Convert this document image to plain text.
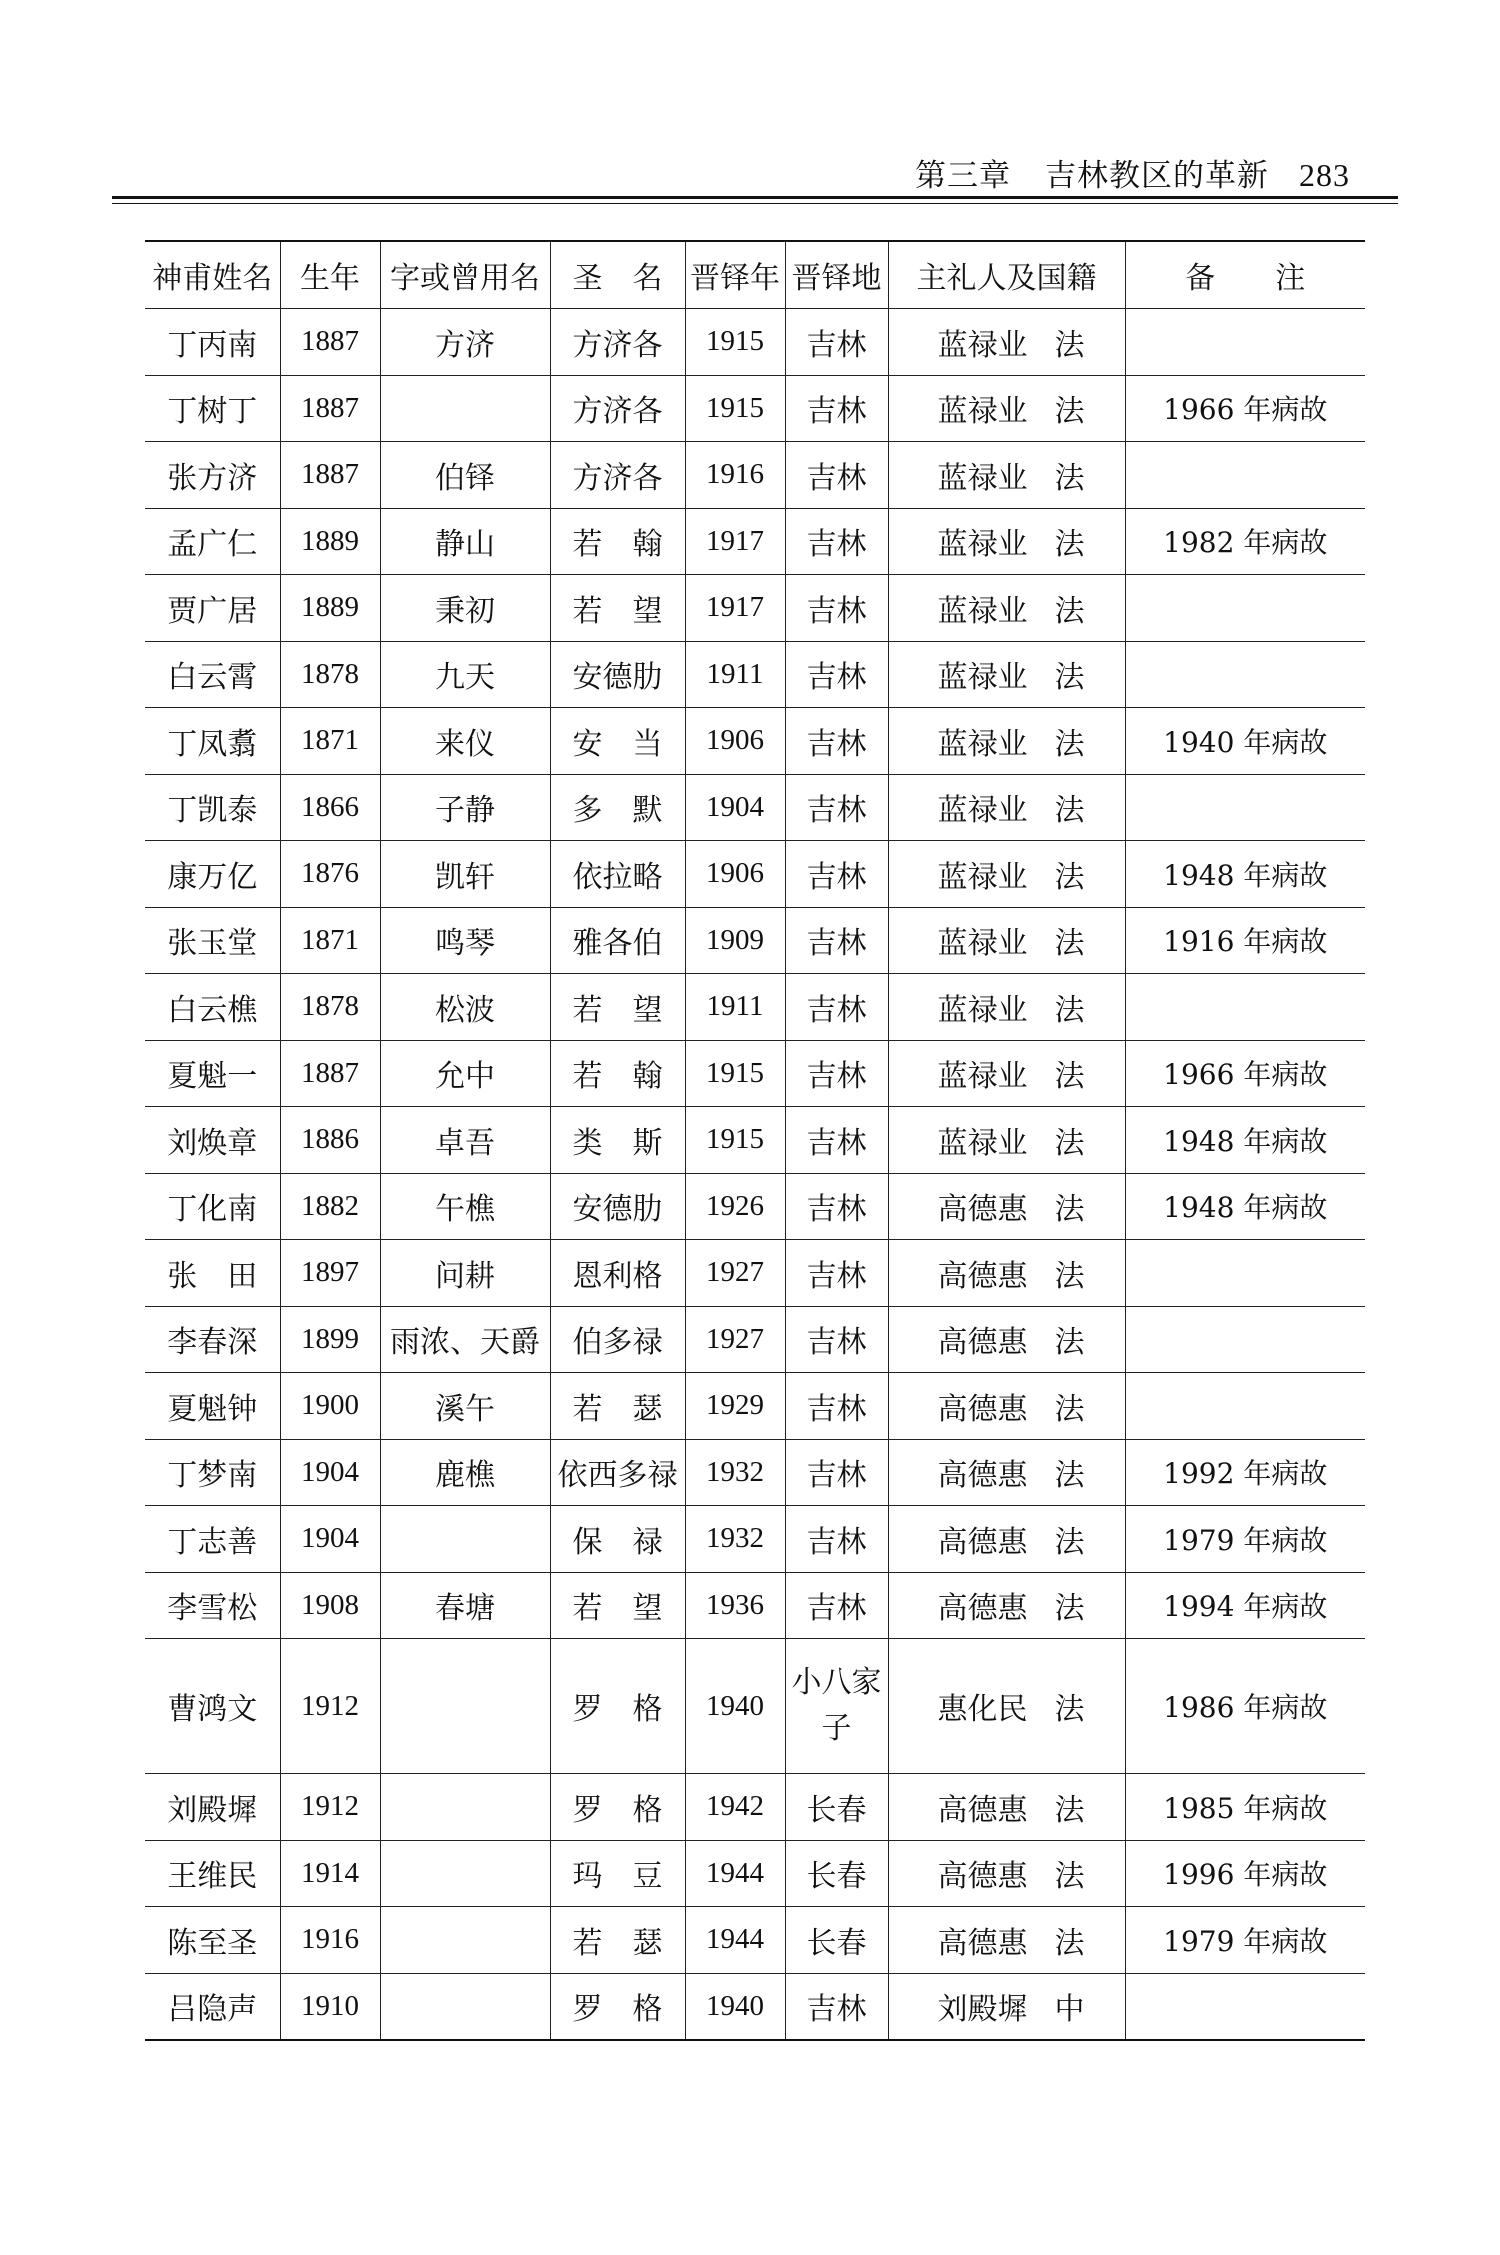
第三章 吉林教区的革新 283
神甫姓名	生年	字或曾用名	圣　名	晋铎年	晋铎地	主礼人及国籍	备　　注
丁丙南	1887	方济	方济各	1915	吉林	蓝禄业 法	
丁树丁	1887		方济各	1915	吉林	蓝禄业 法	1966 年病故
张方济	1887	伯铎	方济各	1916	吉林	蓝禄业 法	
孟广仁	1889	静山	若　翰	1917	吉林	蓝禄业 法	1982 年病故
贾广居	1889	秉初	若　望	1917	吉林	蓝禄业 法	
白云霄	1878	九天	安德肋	1911	吉林	蓝禄业 法	
丁凤翥	1871	来仪	安　当	1906	吉林	蓝禄业 法	1940 年病故
丁凯泰	1866	子静	多　默	1904	吉林	蓝禄业 法	
康万亿	1876	凯轩	依拉略	1906	吉林	蓝禄业 法	1948 年病故
张玉堂	1871	鸣琴	雅各伯	1909	吉林	蓝禄业 法	1916 年病故
白云樵	1878	松波	若　望	1911	吉林	蓝禄业 法	
夏魁一	1887	允中	若　翰	1915	吉林	蓝禄业 法	1966 年病故
刘焕章	1886	卓吾	类　斯	1915	吉林	蓝禄业 法	1948 年病故
丁化南	1882	午樵	安德肋	1926	吉林	高德惠 法	1948 年病故
张　田	1897	问耕	恩利格	1927	吉林	高德惠 法	
李春深	1899	雨浓、天爵	伯多禄	1927	吉林	高德惠 法	
夏魁钟	1900	溪午	若　瑟	1929	吉林	高德惠 法	
丁梦南	1904	鹿樵	依西多禄	1932	吉林	高德惠 法	1992 年病故
丁志善	1904		保　禄	1932	吉林	高德惠 法	1979 年病故
李雪松	1908	春塘	若　望	1936	吉林	高德惠 法	1994 年病故
曹鸿文	1912		罗　格	1940	小八家子	惠化民 法	1986 年病故
刘殿墀	1912		罗　格	1942	长春	高德惠 法	1985 年病故
王维民	1914		玛　豆	1944	长春	高德惠 法	1996 年病故
陈至圣	1916		若　瑟	1944	长春	高德惠 法	1979 年病故
吕隐声	1910		罗　格	1940	吉林	刘殿墀 中	
